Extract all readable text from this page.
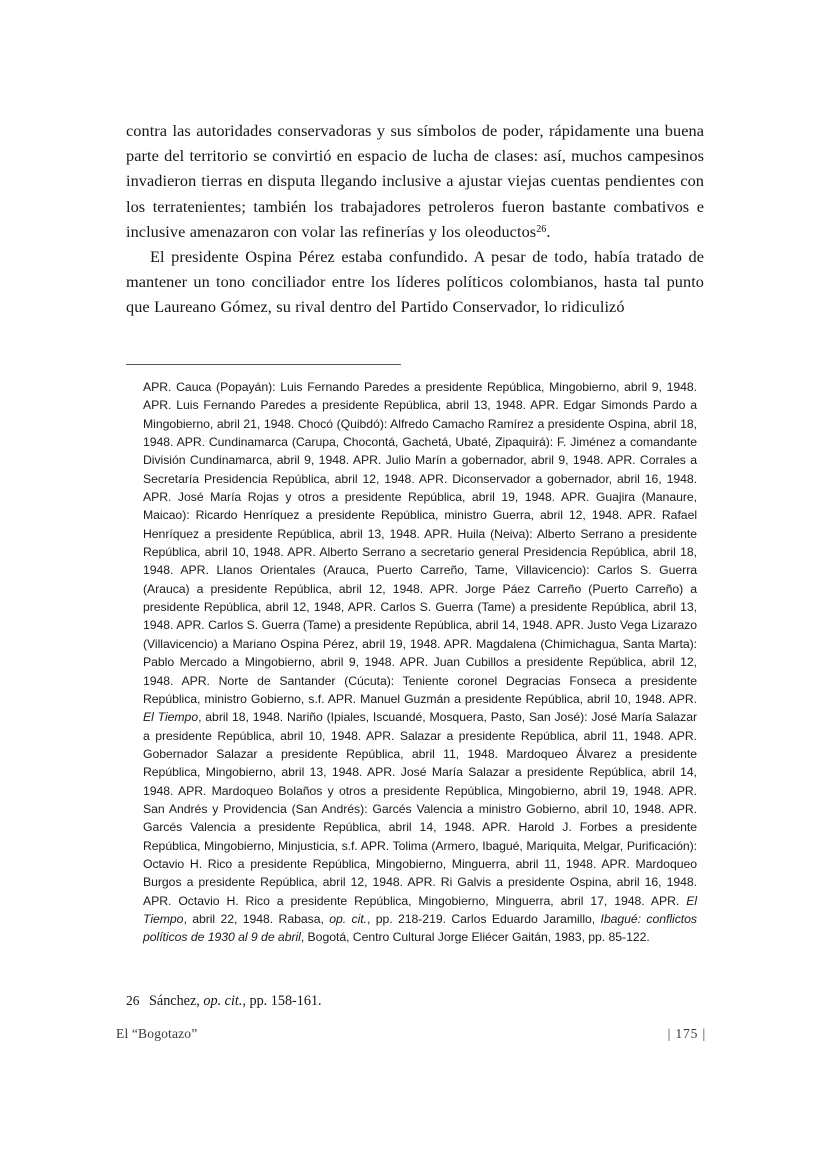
contra las autoridades conservadoras y sus símbolos de poder, rápidamente una buena parte del territorio se convirtió en espacio de lucha de clases: así, muchos campesinos invadieron tierras en disputa llegando inclusive a ajustar viejas cuentas pendientes con los terratenientes; también los trabajadores petroleros fueron bastante combativos e inclusive amenazaron con volar las refinerías y los oleoductos$^{26}$.

El presidente Ospina Pérez estaba confundido. A pesar de todo, había tratado de mantener un tono conciliador entre los líderes políticos colombianos, hasta tal punto que Laureano Gómez, su rival dentro del Partido Conservador, lo ridiculizó

APR. Cauca (Popayán): Luis Fernando Paredes a presidente República, Mingobierno, abril 9, 1948. APR. Luis Fernando Paredes a presidente República, abril 13, 1948. APR. Edgar Simonds Pardo a Mingobierno, abril 21, 1948. Chocó (Quibdó): Alfredo Camacho Ramírez a presidente Ospina, abril 18, 1948. APR. Cundinamarca (Carupa, Chocontá, Gachetá, Ubaté, Zipaquirá): F. Jiménez a comandante División Cundinamarca, abril 9, 1948. APR. Julio Marín a gobernador, abril 9, 1948. APR. Corrales a Secretaría Presidencia República, abril 12, 1948. APR. Diconservador a gobernador, abril 16, 1948. APR. José María Rojas y otros a presidente República, abril 19, 1948. APR. Guajira (Manaure, Maicao): Ricardo Henríquez a presidente República, ministro Guerra, abril 12, 1948. APR. Rafael Henríquez a presidente República, abril 13, 1948. APR. Huila (Neiva): Alberto Serrano a presidente República, abril 10, 1948. APR. Alberto Serrano a secretario general Presidencia República, abril 18, 1948. APR. Llanos Orientales (Arauca, Puerto Carreño, Tame, Villavicencio): Carlos S. Guerra (Arauca) a presidente República, abril 12, 1948. APR. Jorge Páez Carreño (Puerto Carreño) a presidente República, abril 12, 1948, APR. Carlos S. Guerra (Tame) a presidente República, abril 13, 1948. APR. Carlos S. Guerra (Tame) a presidente República, abril 14, 1948. APR. Justo Vega Lizarazo (Villavicencio) a Mariano Ospina Pérez, abril 19, 1948. APR. Magdalena (Chimichagua, Santa Marta): Pablo Mercado a Mingobierno, abril 9, 1948. APR. Juan Cubillos a presidente República, abril 12, 1948. APR. Norte de Santander (Cúcuta): Teniente coronel Degracias Fonseca a presidente República, ministro Gobierno, s.f. APR. Manuel Guzmán a presidente República, abril 10, 1948. APR. El Tiempo, abril 18, 1948. Nariño (Ipiales, Iscuandé, Mosquera, Pasto, San José): José María Salazar a presidente República, abril 10, 1948. APR. Salazar a presidente República, abril 11, 1948. APR. Gobernador Salazar a presidente República, abril 11, 1948. Mardoqueo Álvarez a presidente República, Mingobierno, abril 13, 1948. APR. José María Salazar a presidente República, abril 14, 1948. APR. Mardoqueo Bolaños y otros a presidente República, Mingobierno, abril 19, 1948. APR. San Andrés y Providencia (San Andrés): Garcés Valencia a ministro Gobierno, abril 10, 1948. APR. Garcés Valencia a presidente República, abril 14, 1948. APR. Harold J. Forbes a presidente República, Mingobierno, Minjusticia, s.f. APR. Tolima (Armero, Ibagué, Mariquita, Melgar, Purificación): Octavio H. Rico a presidente República, Mingobierno, Minguerra, abril 11, 1948. APR. Mardoqueo Burgos a presidente República, abril 12, 1948. APR. Ri Galvis a presidente Ospina, abril 16, 1948. APR. Octavio H. Rico a presidente República, Mingobierno, Minguerra, abril 17, 1948. APR. El Tiempo, abril 22, 1948. Rabasa, op. cit., pp. 218-219. Carlos Eduardo Jaramillo, Ibagué: conflictos políticos de 1930 al 9 de abril, Bogotá, Centro Cultural Jorge Eliécer Gaitán, 1983, pp. 85-122.

26 Sánchez, op. cit., pp. 158-161.
El “Bogotazo”	| 175 |
